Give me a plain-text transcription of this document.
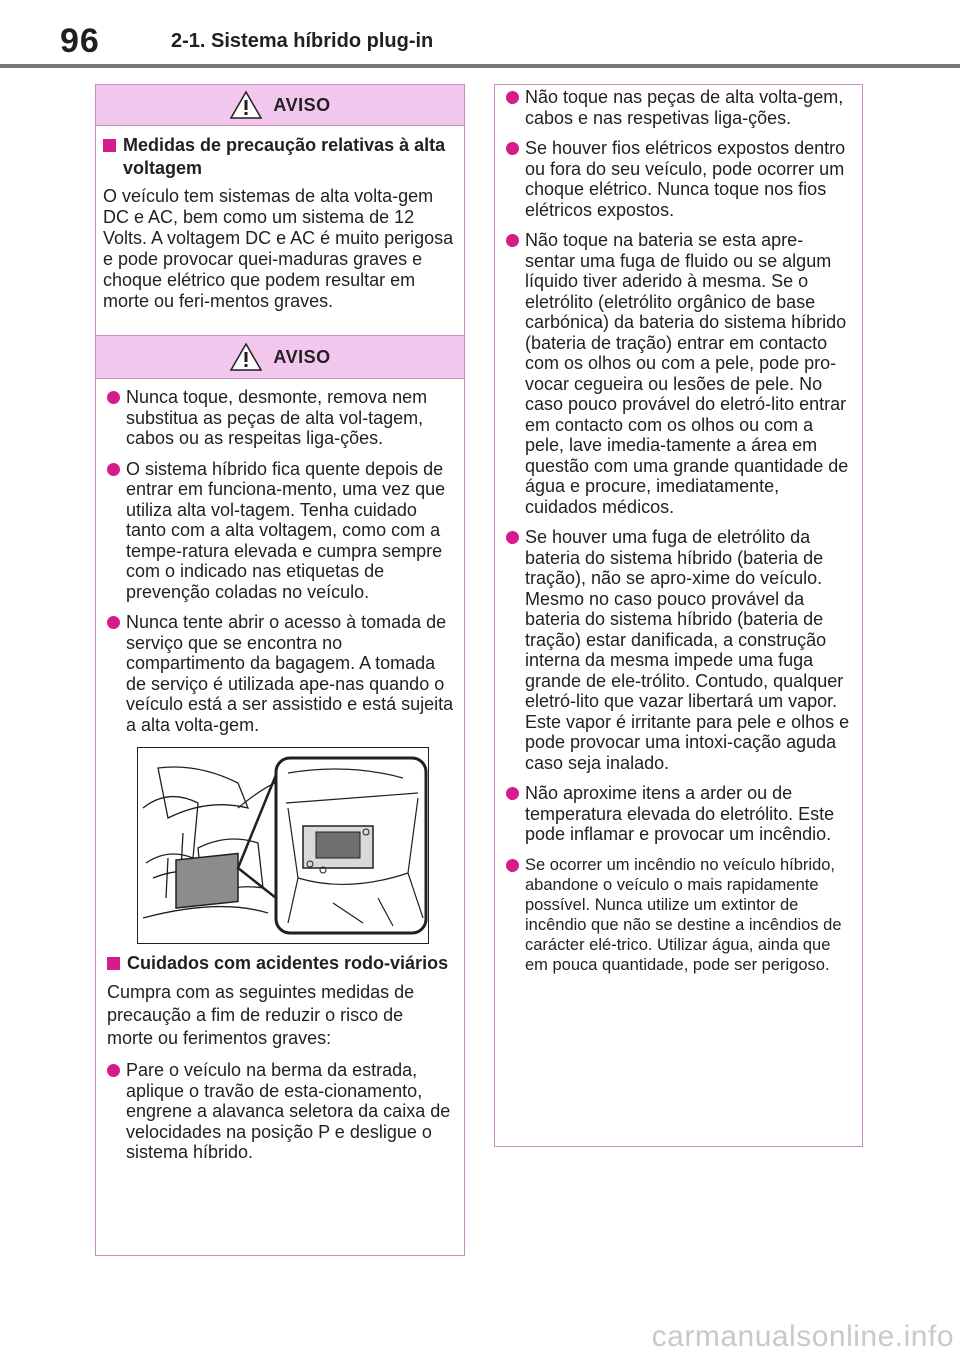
96	2-1. Sistema híbrido plug-in
AVISO
Medidas de precaução relativas à alta voltagem
O veículo tem sistemas de alta volta-gem DC e AC, bem como um sistema de 12 Volts. A voltagem DC e AC é muito perigosa e pode provocar quei-maduras graves e choque elétrico que podem resultar em morte ou feri-mentos graves.
AVISO
Nunca toque, desmonte, remova nem substitua as peças de alta vol-tagem, cabos ou as respeitas liga-ções.
O sistema híbrido fica quente depois de entrar em funciona-mento, uma vez que utiliza alta vol-tagem. Tenha cuidado tanto com a alta voltagem, como com a tempe-ratura elevada e cumpra sempre com o indicado nas etiquetas de prevenção coladas no veículo.
Nunca tente abrir o acesso à tomada de serviço que se encontra no compartimento da bagagem. A tomada de serviço é utilizada ape-nas quando o veículo está a ser assistido e está sujeita a alta volta-gem.
Cuidados com acidentes rodo-viários
Cumpra com as seguintes medidas de precaução a fim de reduzir o risco de morte ou ferimentos graves:
Pare o veículo na berma da estrada, aplique o travão de esta-cionamento, engrene a alavanca seletora da caixa de velocidades na posição P e desligue o sistema híbrido.
Não toque nas peças de alta volta-gem, cabos e nas respetivas liga-ções.
Se houver fios elétricos expostos dentro ou fora do seu veículo, pode ocorrer um choque elétrico. Nunca toque nos fios elétricos expostos.
Não toque na bateria se esta apre-sentar uma fuga de fluido ou se algum líquido tiver aderido à mesma. Se o eletrólito (eletrólito orgânico de base carbónica) da bateria do sistema híbrido (bateria de tração) entrar em contacto com os olhos ou com a pele, pode pro-vocar cegueira ou lesões de pele. No caso pouco provável do eletró-lito entrar em contacto com os olhos ou com a pele, lave imedia-tamente a área em questão com uma grande quantidade de água e procure, imediatamente, cuidados médicos.
Se houver uma fuga de eletrólito da bateria do sistema híbrido (bateria de tração), não se apro-xime do veículo.
Mesmo no caso pouco provável da bateria do sistema híbrido (bateria de tração) estar danificada, a construção interna da mesma impede uma fuga grande de ele-trólito. Contudo, qualquer eletró-lito que vazar libertará um vapor. Este vapor é irritante para pele e olhos e pode provocar uma intoxi-cação aguda caso seja inalado.
Não aproxime itens a arder ou de temperatura elevada do eletrólito. Este pode inflamar e provocar um incêndio.
Se ocorrer um incêndio no veículo híbrido, abandone o veículo o mais rapidamente possível. Nunca utilize um extintor de incêndio que não se destine a incêndios de carácter elé-trico. Utilizar água, ainda que em pouca quantidade, pode ser perigoso.
carmanualsonline.info
